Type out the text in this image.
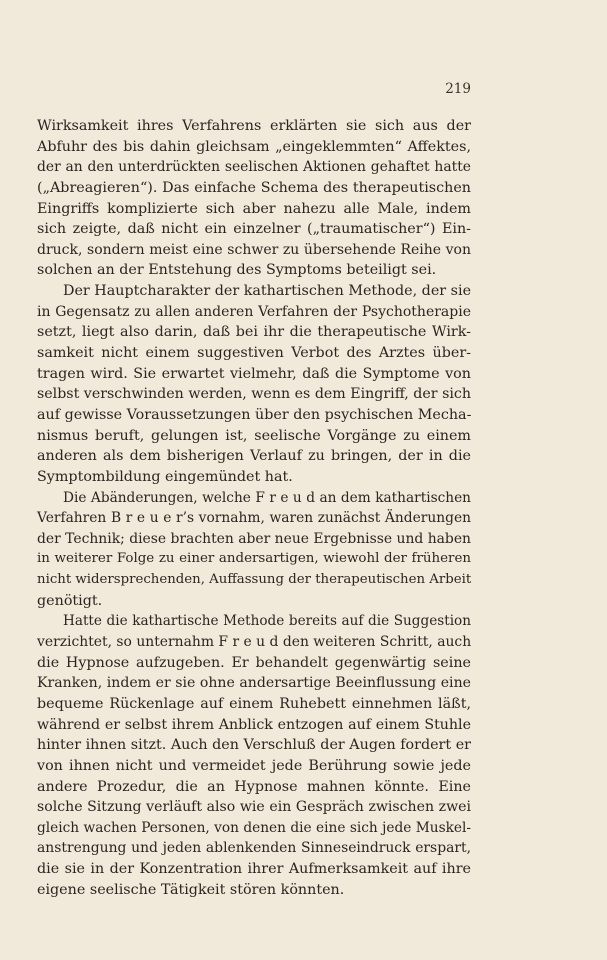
219
Wirksamkeit ihres Verfahrens erklärten sie sich aus der
Abfuhr des bis dahin gleichsam „eingeklemmten“ Affektes,
der an den unterdrückten seelischen Aktionen gehaftet hatte
(„Abreagieren“). Das einfache Schema des therapeutischen
Eingriffs komplizierte sich aber nahezu alle Male, indem
sich zeigte, daß nicht ein einzelner („traumatischer“) Ein-
druck, sondern meist eine schwer zu übersehende Reihe von
solchen an der Entstehung des Symptoms beteiligt sei.
Der Hauptcharakter der kathartischen Methode, der sie
in Gegensatz zu allen anderen Verfahren der Psychotherapie
setzt, liegt also darin, daß bei ihr die therapeutische Wirk-
samkeit nicht einem suggestiven Verbot des Arztes über-
tragen wird. Sie erwartet vielmehr, daß die Symptome von
selbst verschwinden werden, wenn es dem Eingriff, der sich
auf gewisse Voraussetzungen über den psychischen Mecha-
nismus beruft, gelungen ist, seelische Vorgänge zu einem
anderen als dem bisherigen Verlauf zu bringen, der in die
Symptombildung eingemündet hat.
Die Abänderungen, welche F r e u d an dem kathartischen
Verfahren B r e u e r’s vornahm, waren zunächst Änderungen
der Technik; diese brachten aber neue Ergebnisse und haben
in weiterer Folge zu einer andersartigen, wiewohl der früheren
nicht widersprechenden, Auffassung der therapeutischen Arbeit
genötigt.
Hatte die kathartische Methode bereits auf die Suggestion
verzichtet, so unternahm F r e u d den weiteren Schritt, auch
die Hypnose aufzugeben. Er behandelt gegenwärtig seine
Kranken, indem er sie ohne andersartige Beeinflussung eine
bequeme Rückenlage auf einem Ruhebett einnehmen läßt,
während er selbst ihrem Anblick entzogen auf einem Stuhle
hinter ihnen sitzt. Auch den Verschluß der Augen fordert er
von ihnen nicht und vermeidet jede Berührung sowie jede
andere Prozedur, die an Hypnose mahnen könnte. Eine
solche Sitzung verläuft also wie ein Gespräch zwischen zwei
gleich wachen Personen, von denen die eine sich jede Muskel-
anstrengung und jeden ablenkenden Sinneseindruck erspart,
die sie in der Konzentration ihrer Aufmerksamkeit auf ihre
eigene seelische Tätigkeit stören könnten.
